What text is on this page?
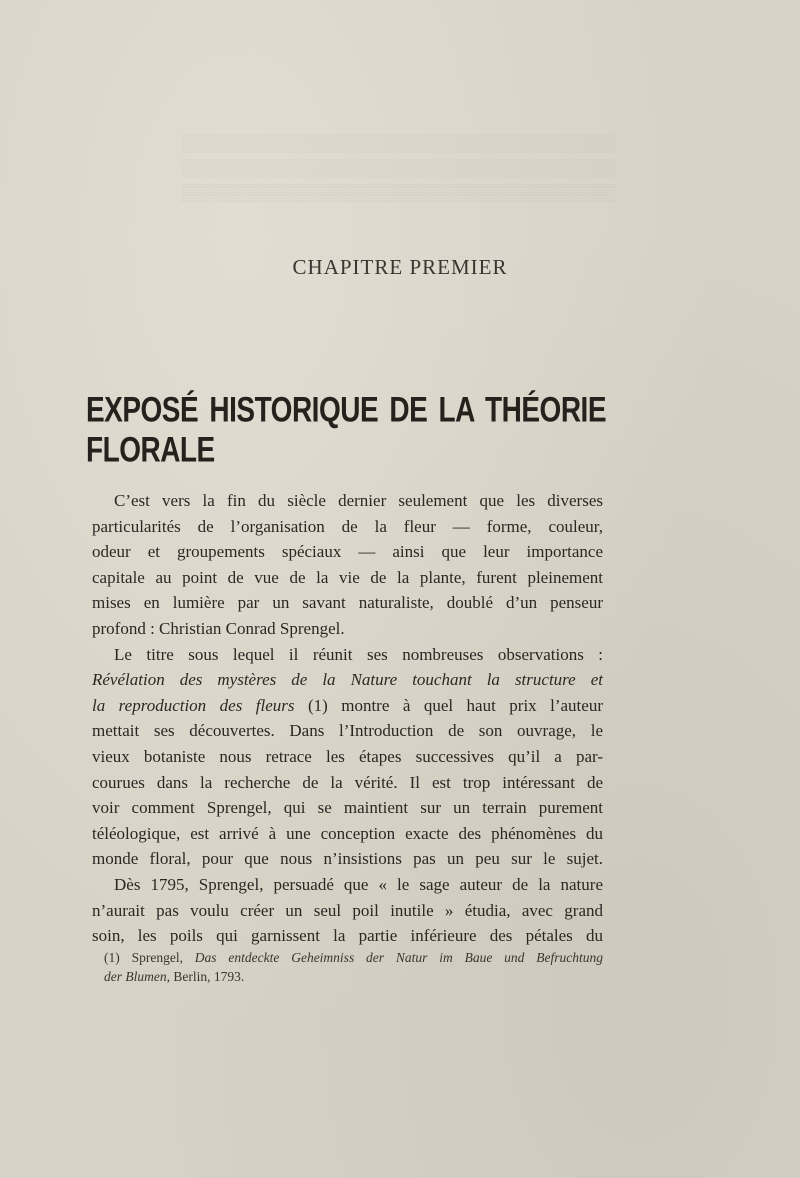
▒▒▒▒▒▒▒▒▒▒▒▒▒▒▒▒▒▒▒▒▒▒▒▒▒▒▒▒▒▒▒▒▒▒▒▒
▒▒▒▒▒▒▒▒▒▒▒▒▒▒▒▒▒▒▒▒▒▒▒▒▒▒▒▒▒▒▒▒▒▒▒▒
▒▒▒▒▒▒▒▒▒▒▒▒▒▒▒▒▒▒▒▒▒▒▒▒▒▒▒▒▒▒▒▒▒▒▒▒
CHAPITRE PREMIER
EXPOSÉ HISTORIQUE DE LA THÉORIE FLORALE
C’est vers la fin du siècle dernier seulement que les diverses
particularités de l’organisation de la fleur — forme, couleur,
odeur et groupements spéciaux — ainsi que leur importance
capitale au point de vue de la vie de la plante, furent pleinement
mises en lumière par un savant naturaliste, doublé d’un penseur
profond : Christian Conrad Sprengel.
Le titre sous lequel il réunit ses nombreuses observations :
Révélation des mystères de la Nature touchant la structure et
la reproduction des fleurs (1) montre à quel haut prix l’auteur
mettait ses découvertes. Dans l’Introduction de son ouvrage, le
vieux botaniste nous retrace les étapes successives qu’il a par-
courues dans la recherche de la vérité. Il est trop intéressant de
voir comment Sprengel, qui se maintient sur un terrain purement
téléologique, est arrivé à une conception exacte des phénomènes du
monde floral, pour que nous n’insistions pas un peu sur le sujet.
Dès 1795, Sprengel, persuadé que « le sage auteur de la nature
n’aurait pas voulu créer un seul poil inutile » étudia, avec grand
soin, les poils qui garnissent la partie inférieure des pétales du
(1) Sprengel, Das entdeckte Geheimniss der Natur im Baue und Befruchtung
der Blumen, Berlin, 1793.
